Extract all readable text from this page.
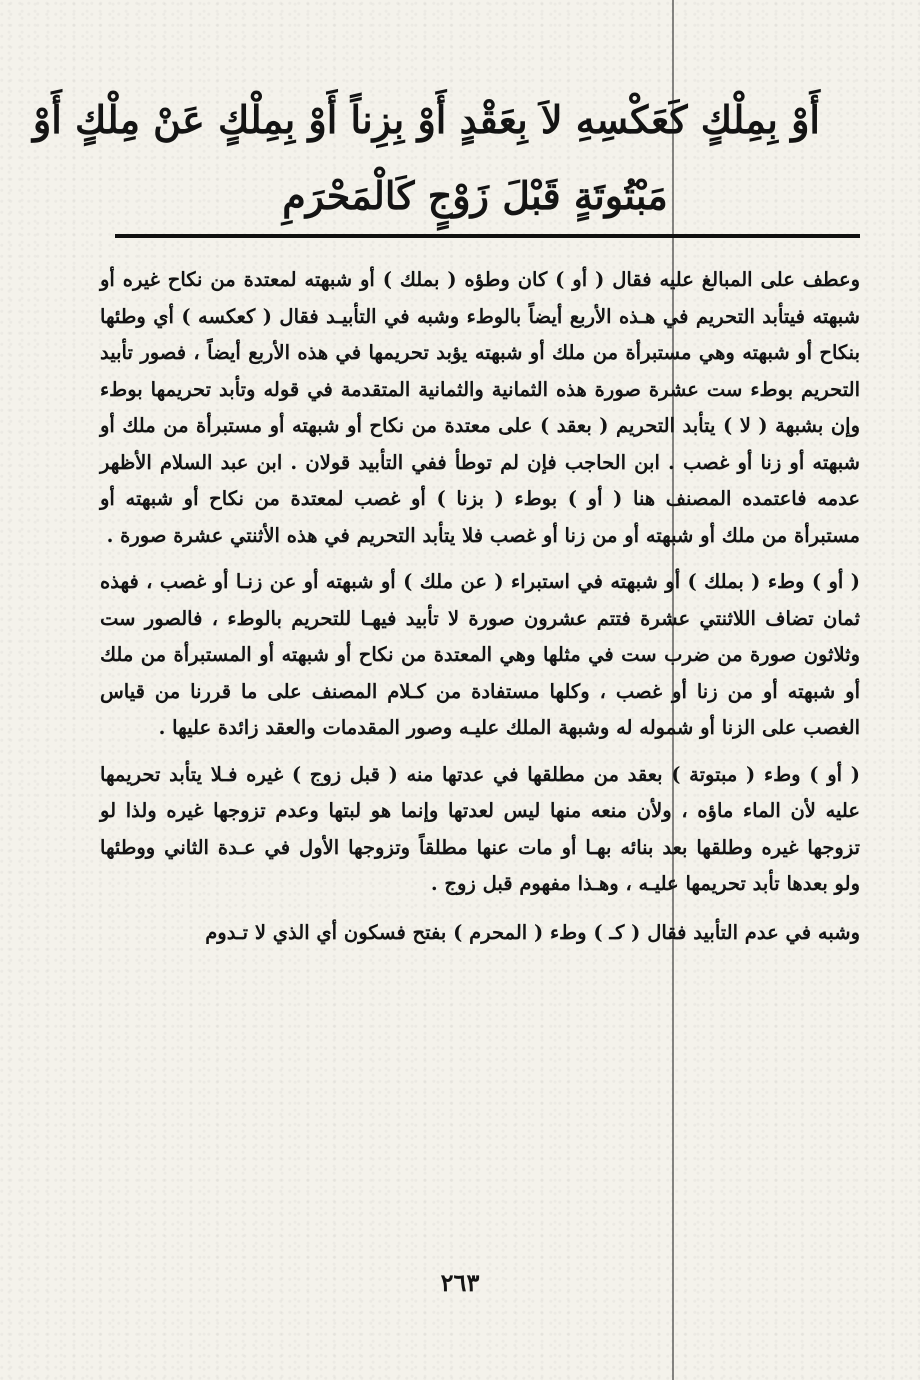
أَوْ بِمِلْكٍ كَعَكْسِهِ لاَ بِعَقْدٍ أَوْ بِزِناً أَوْ بِمِلْكٍ عَنْ مِلْكٍ أَوْ
مَبْتُوتَةٍ قَبْلَ زَوْجٍ كَالْمَحْرَمِ

وعطف على المبالغ عليه فقال ( أو ) كان وطؤه ( بملك ) أو شبهته لمعتدة من نكاح غيره أو شبهته فيتأبد التحريم في هـذه الأربع أيضاً بالوطء وشبه في التأبيـد فقال ( كعكسه ) أي وطئها بنكاح أو شبهته وهي مستبرأة من ملك أو شبهته يؤبد تحريمها في هذه الأربع أيضاً ، فصور تأبيد التحريم بوطء ست عشرة صورة هذه الثمانية والثمانية المتقدمة في قوله وتأبد تحريمها بوطء وإن بشبهة ( لا ) يتأبد التحريم ( بعقد ) على معتدة من نكاح أو شبهته أو مستبرأة من ملك أو شبهته أو زنا أو غصب . ابن الحاجب فإن لم توطأ ففي التأبيد قولان . ابن عبد السلام الأظهر عدمه فاعتمده المصنف هنا ( أو ) بوطء ( بزنا ) أو غصب لمعتدة من نكاح أو شبهته أو مستبرأة من ملك أو شبهته أو من زنا أو غصب فلا يتأبد التحريم في هذه الأثنتي عشرة صورة .

( أو ) وطء ( بملك ) أو شبهته في استبراء ( عن ملك ) أو شبهته أو عن زنـا أو غصب ، فهذه ثمان تضاف اللاثنتي عشرة فتتم عشرون صورة لا تأبيد فيهـا للتحريم بالوطء ، فالصور ست وثلاثون صورة من ضرب ست في مثلها وهي المعتدة من نكاح أو شبهته أو المستبرأة من ملك أو شبهته أو من زنا أو غصب ، وكلها مستفادة من كـلام المصنف على ما قررنا من قياس الغصب على الزنا أو شموله له وشبهة الملك عليـه وصور المقدمات والعقد زائدة عليها .

( أو ) وطء ( مبتوتة ) بعقد من مطلقها في عدتها منه ( قبل زوج ) غيره فـلا يتأبد تحريمها عليه لأن الماء ماؤه ، ولأن منعه منها ليس لعدتها وإنما هو لبتها وعدم تزوجها غيره ولذا لو تزوجها غيره وطلقها بعد بنائه بهـا أو مات عنها مطلقاً وتزوجها الأول في عـدة الثاني ووطئها ولو بعدها تأبد تحريمها عليـه ، وهـذا مفهوم قبل زوج .

وشبه في عدم التأبيد فقال ( كـ ) وطء ( المحرم ) بفتح فسكون أي الذي لا تـدوم

٢٦٣
